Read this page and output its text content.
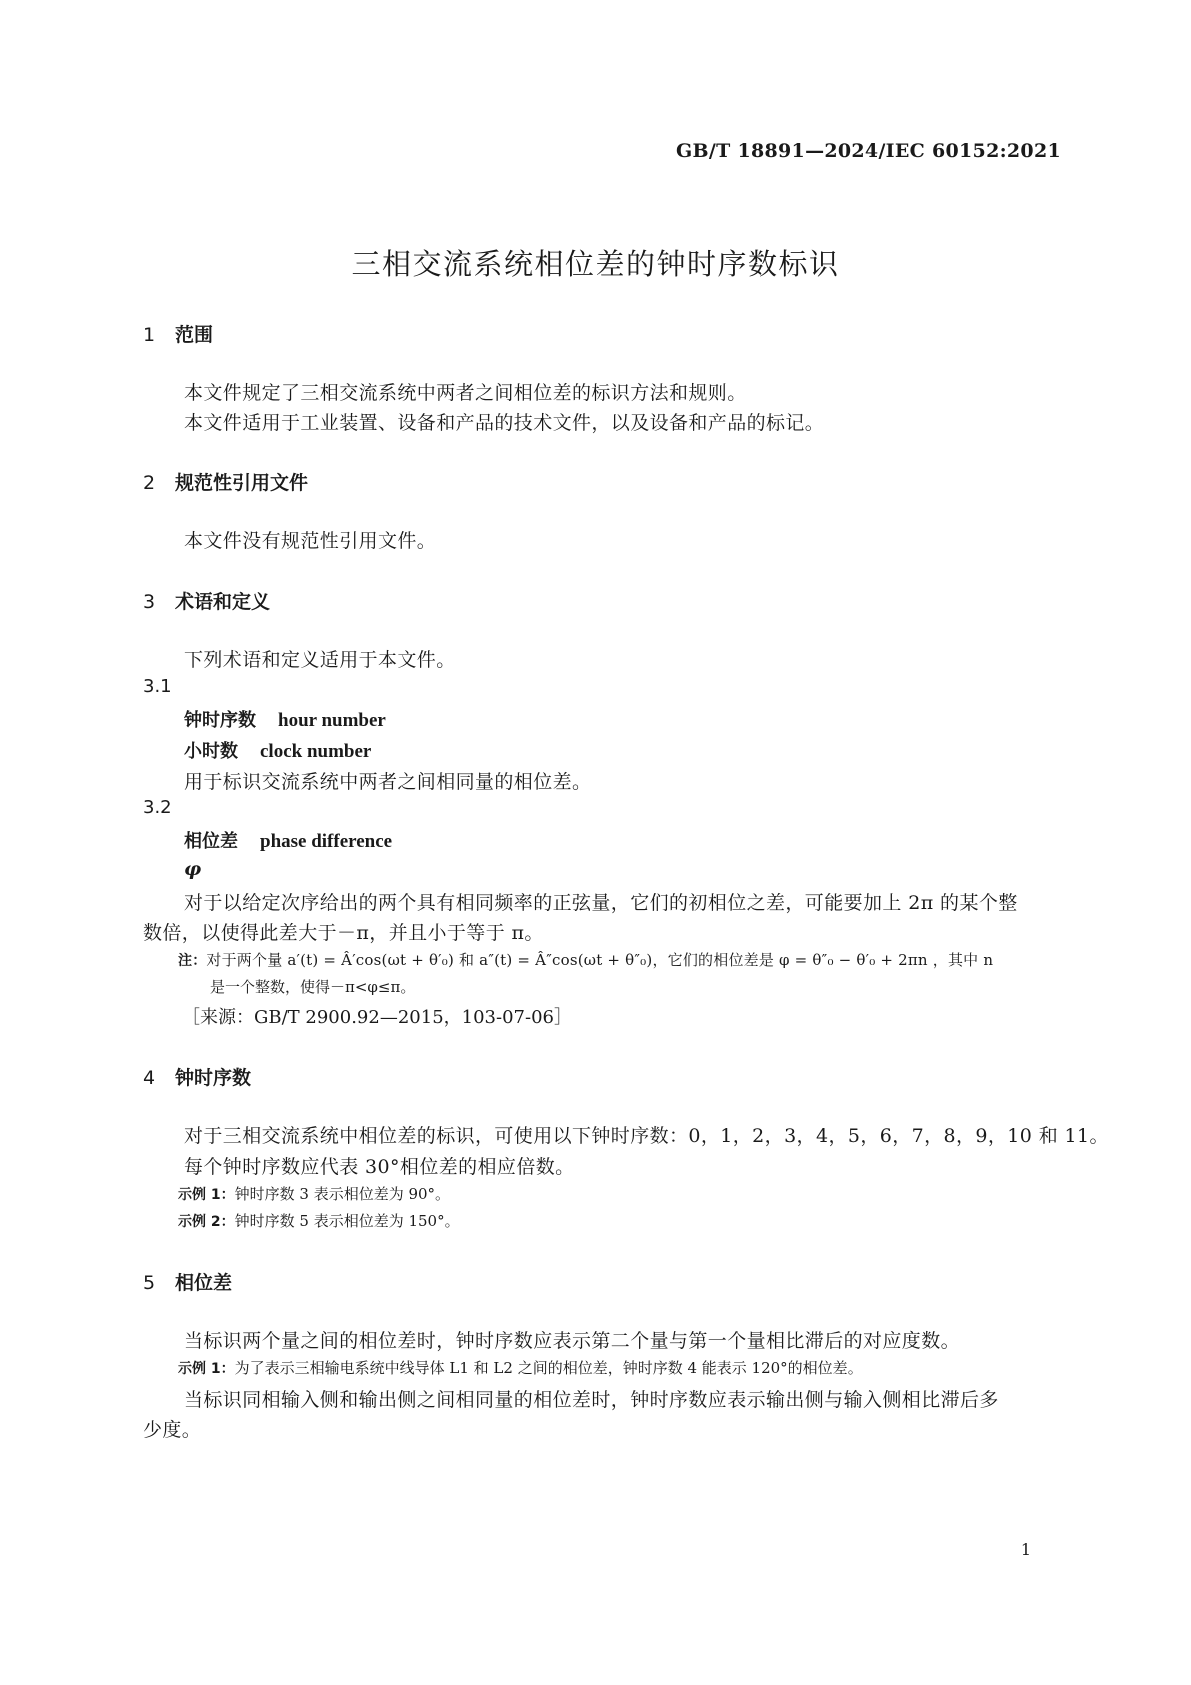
GB/T 18891—2024/IEC 60152:2021
三相交流系统相位差的钟时序数标识
1 范围
本文件规定了三相交流系统中两者之间相位差的标识方法和规则。
本文件适用于工业装置、设备和产品的技术文件，以及设备和产品的标记。
2 规范性引用文件
本文件没有规范性引用文件。
3 术语和定义
下列术语和定义适用于本文件。
3.1
钟时序数 hour number
小时数 clock number
用于标识交流系统中两者之间相同量的相位差。
3.2
相位差 phase difference
φ
对于以给定次序给出的两个具有相同频率的正弦量，它们的初相位之差，可能要加上 2π 的某个整
数倍，以使得此差大于－π，并且小于等于 π。
注：对于两个量 a′(t) = Â′cos(ωt + θ′₀) 和 a″(t) = Â″cos(ωt + θ″₀)，它们的相位差是 φ = θ″₀ − θ′₀ + 2πn ，其中 n
是一个整数，使得－π<φ≤π。
［来源：GB/T 2900.92—2015，103-07-06］
4 钟时序数
对于三相交流系统中相位差的标识，可使用以下钟时序数：0，1，2，3，4，5，6，7，8，9，10 和 11。
每个钟时序数应代表 30°相位差的相应倍数。
示例 1：钟时序数 3 表示相位差为 90°。
示例 2：钟时序数 5 表示相位差为 150°。
5 相位差
当标识两个量之间的相位差时，钟时序数应表示第二个量与第一个量相比滞后的对应度数。
示例 1：为了表示三相输电系统中线导体 L1 和 L2 之间的相位差，钟时序数 4 能表示 120°的相位差。
当标识同相输入侧和输出侧之间相同量的相位差时，钟时序数应表示输出侧与输入侧相比滞后多
少度。
1
